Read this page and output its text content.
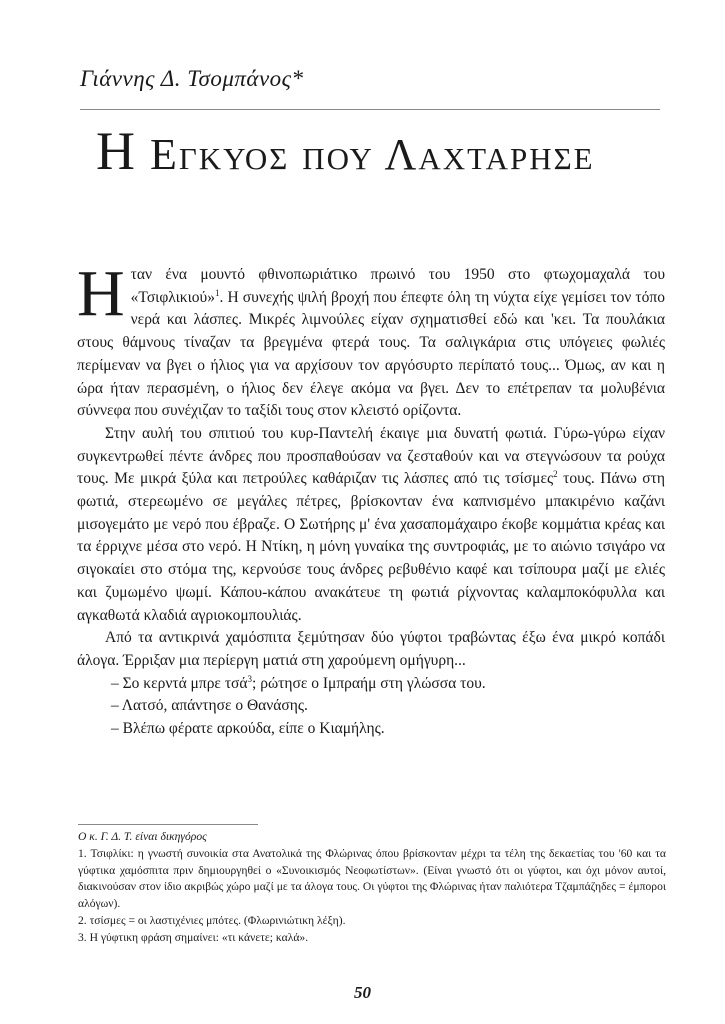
Γιάννης Δ. Τσομπάνος*
Η Εγκυος που Λαχταρησε

Ηταν ένα μουντό φθινοπωριάτικο πρωινό του 1950 στο φτωχομαχαλά του «Τσιφλικιού»$^1$. Η συνεχής ψιλή βροχή που έπεφτε όλη τη νύχτα είχε γεμίσει τον τόπο νερά και λάσπες. Μικρές λιμνούλες είχαν σχηματισθεί εδώ και 'κει. Τα πουλάκια στους θάμνους τίναζαν τα βρεγμένα φτερά τους. Τα σαλιγκάρια στις υπόγειες φωλιές περίμεναν να βγει ο ήλιος για να αρχίσουν τον αργόσυρτο περίπατό τους... Όμως, αν και η ώρα ήταν περασμένη, ο ήλιος δεν έλεγε ακόμα να βγει. Δεν το επέτρεπαν τα μολυβένια σύννεφα που συνέχιζαν το ταξίδι τους στον κλειστό ορίζοντα.

Στην αυλή του σπιτιού του κυρ-Παντελή έκαιγε μια δυνατή φωτιά. Γύρω-γύρω είχαν συγκεντρωθεί πέντε άνδρες που προσπαθούσαν να ζεσταθούν και να στεγνώσουν τα ρούχα τους. Με μικρά ξύλα και πετρούλες καθάριζαν τις λάσπες από τις τσίσμες$^2$ τους. Πάνω στη φωτιά, στερεωμένο σε μεγάλες πέτρες, βρίσκονταν ένα καπνισμένο μπακιρένιο καζάνι μισογεμάτο με νερό που έβραζε. Ο Σωτήρης μ' ένα χασαπομάχαιρο έκοβε κομμάτια κρέας και τα έρριχνε μέσα στο νερό. Η Ντίκη, η μόνη γυναίκα της συντροφιάς, με το αιώνιο τσιγάρο να σιγοκαίει στο στόμα της, κερνούσε τους άνδρες ρεβυθένιο καφέ και τσίπουρα μαζί με ελιές και ζυμωμένο ψωμί. Κάπου-κάπου ανακάτευε τη φωτιά ρίχνοντας καλαμποκόφυλλα και αγκαθωτά κλαδιά αγριοκομπουλιάς.

Από τα αντικρινά χαμόσπιτα ξεμύτησαν δύο γύφτοι τραβώντας έξω ένα μικρό κοπάδι άλογα. Έρριξαν μια περίεργη ματιά στη χαρούμενη ομήγυρη...

– Σο κερντά μπρε τσά$^3$; ρώτησε ο Ιμπραήμ στη γλώσσα του.

– Λατσό, απάντησε ο Θανάσης.

– Βλέπω φέρατε αρκούδα, είπε ο Κιαμήλης.

Ο κ. Γ. Δ. Τ. είναι δικηγόρος

1. Τσιφλίκι: η γνωστή συνοικία στα Ανατολικά της Φλώρινας όπου βρίσκονταν μέχρι τα τέλη της δεκαετίας του '60 και τα γύφτικα χαμόσπιτα πριν δημιουργηθεί ο «Συνοικισμός Νεοφωτίστων». (Είναι γνωστό ότι οι γύφτοι, και όχι μόνον αυτοί, διακινούσαν στον ίδιο ακριβώς χώρο μαζί με τα άλογα τους. Οι γύφτοι της Φλώρινας ήταν παλιότερα Τζαμπάζηδες = έμποροι αλόγων).

2. τσίσμες = οι λαστιχένιες μπότες. (Φλωρινιώτικη λέξη).

3. Η γύφτικη φράση σημαίνει: «τι κάνετε; καλά».

50
